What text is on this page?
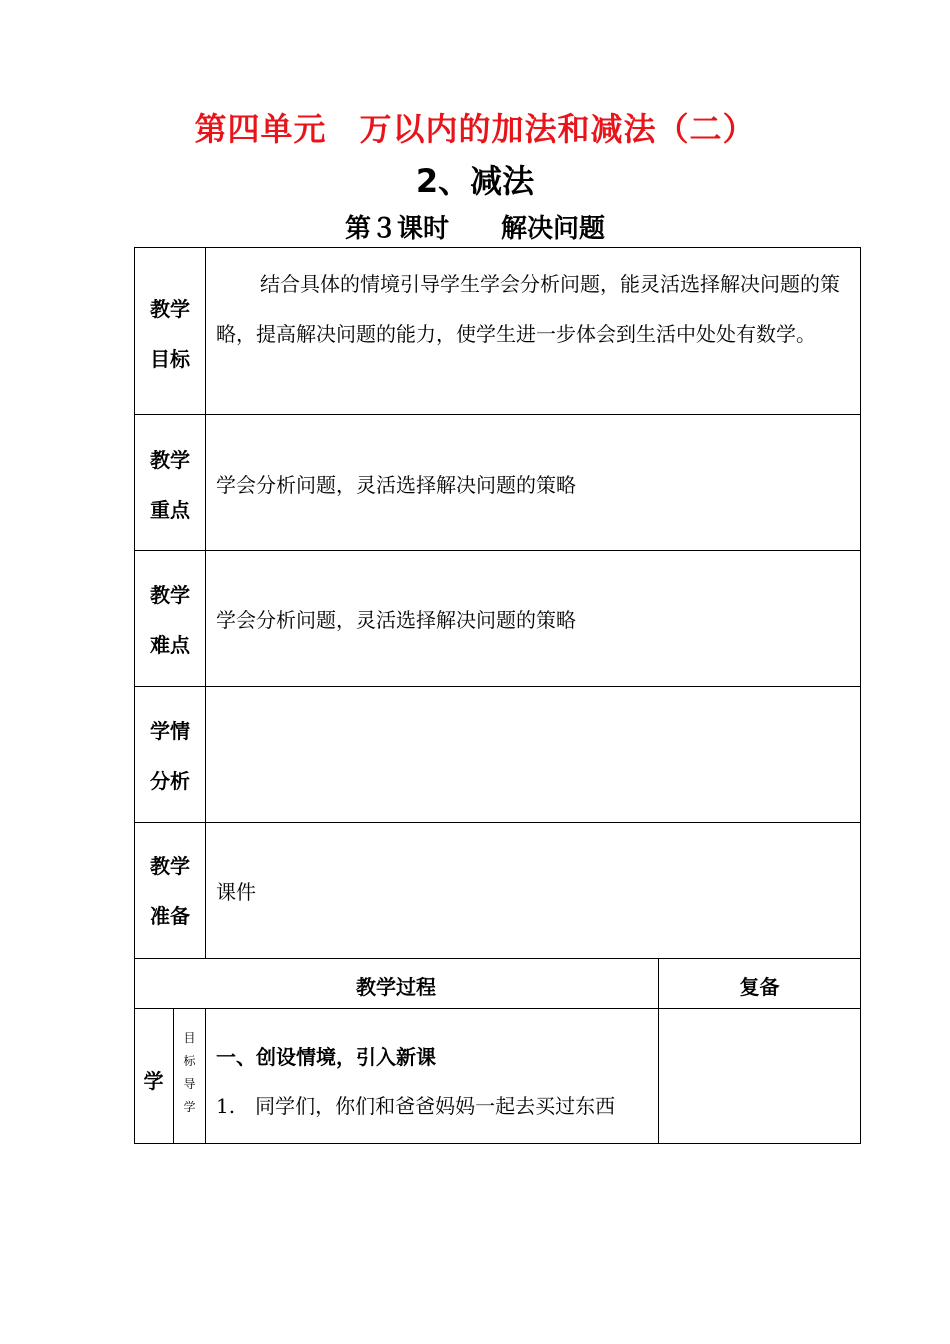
第四单元　万以内的加法和减法（二）
2、减法
第３课时　　解决问题
教学
目标
结合具体的情境引导学生学会分析问题，能灵活选择解决问题的策略，提高解决问题的能力，使学生进一步体会到生活中处处有数学。
教学
重点
学会分析问题，灵活选择解决问题的策略
教学
难点
学会分析问题，灵活选择解决问题的策略
学情
分析
教学
准备
课件
教学过程	复备
学
目
标
导
学
一、创设情境，引入新课
1.　同学们，你们和爸爸妈妈一起去买过东西
